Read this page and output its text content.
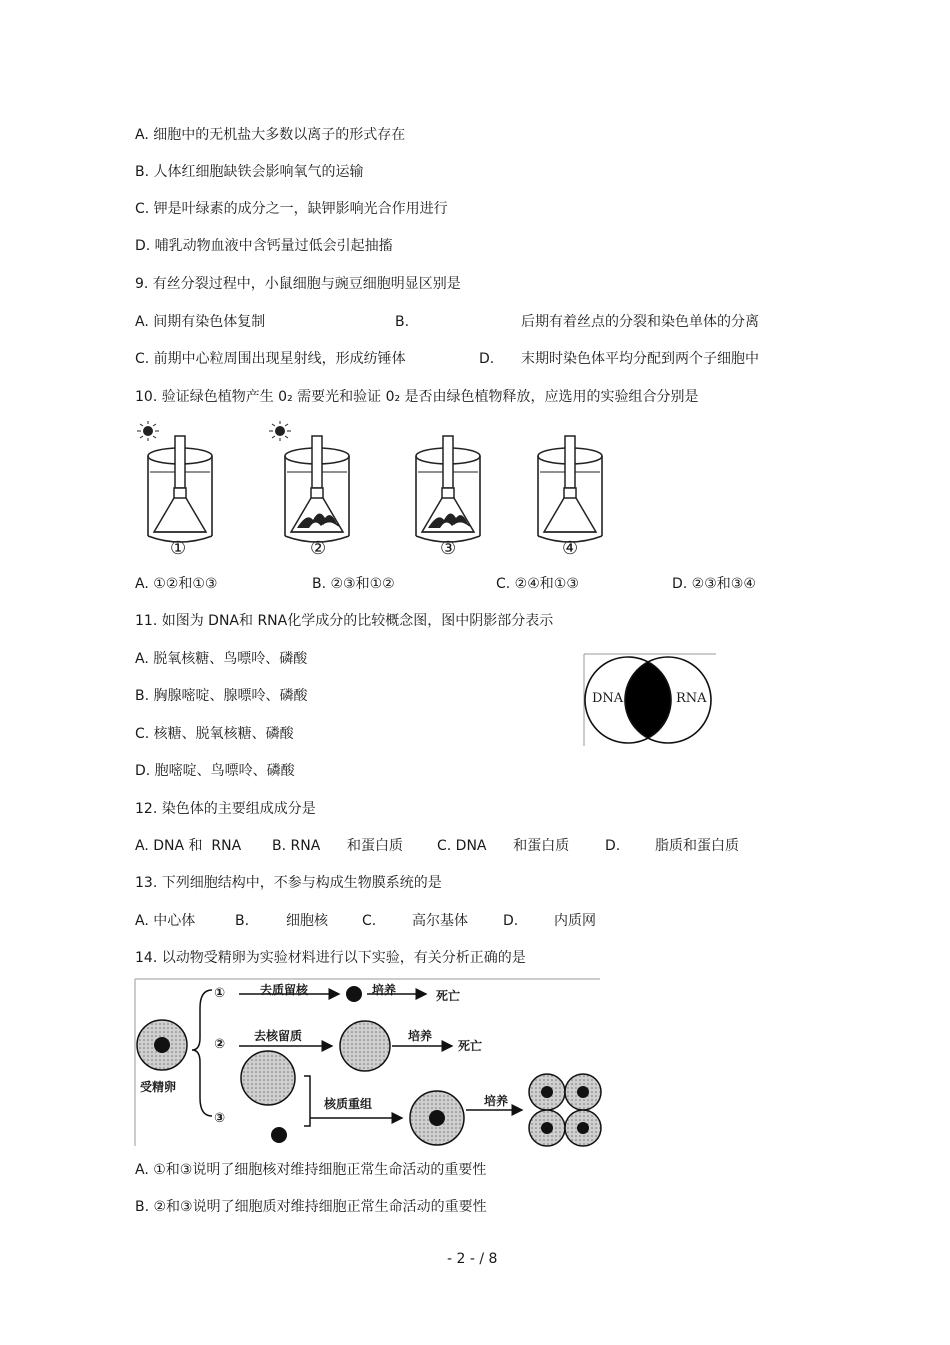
A. 细胞中的无机盐大多数以离子的形式存在
B. 人体红细胞缺铁会影响氧气的运输
C. 钾是叶绿素的成分之一，缺钾影响光合作用进行
D. 哺乳动物血液中含钙量过低会引起抽搐
9. 有丝分裂过程中，小鼠细胞与豌豆细胞明显区别是
A. 间期有染色体复制	B.	后期有着丝点的分裂和染色单体的分离
C. 前期中心粒周围出现星射线，形成纺锤体	D. 末期时染色体平均分配到两个子细胞中
10. 验证绿色植物产生 0₂ 需要光和验证 0₂ 是否由绿色植物释放，应选用的实验组合分别是
①	②	③	④
A. ①②和①③	B. ②③和①②	C. ②④和①③	D. ②③和③④
11. 如图为 DNA和 RNA化学成分的比较概念图，图中阴影部分表示
A. 脱氧核糖、鸟嘌呤、磷酸
B. 胸腺嘧啶、腺嘌呤、磷酸
C. 核糖、脱氧核糖、磷酸
D. 胞嘧啶、鸟嘌呤、磷酸
DNA	RNA
12. 染色体的主要组成成分是
A. DNA 和  RNA B. RNA      和蛋白质 C. DNA      和蛋白质	D. 脂质和蛋白质
13. 下列细胞结构中，不参与构成生物膜系统的是
A. 中心体	B.	细胞核 C.	高尔基体	D.	内质网
14. 以动物受精卵为实验材料进行以下实验，有关分析正确的是
①	去质留核	培养	死亡
②
去核留质	培养
死亡
受精卵
③
核质重组	培养
A. ①和③说明了细胞核对维持细胞正常生命活动的重要性
B. ②和③说明了细胞质对维持细胞正常生命活动的重要性
- 2 - / 8
